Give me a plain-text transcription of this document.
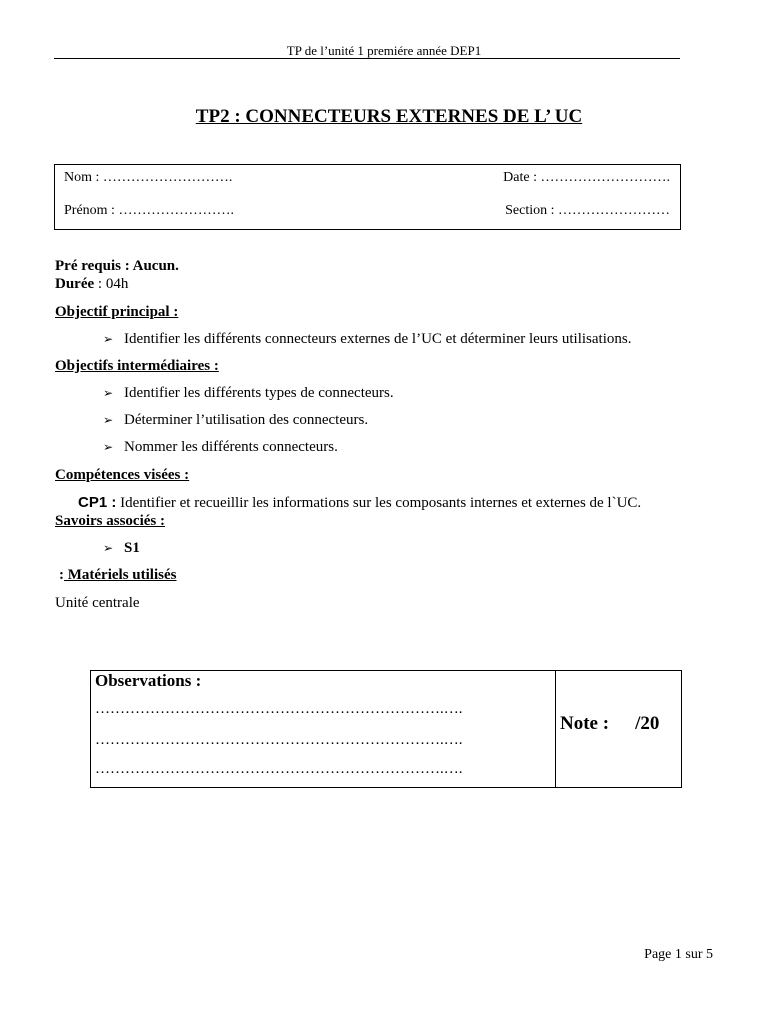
TP de l’unité 1 premiére année DEP1
TP2 : CONNECTEURS EXTERNES DE L’ UC
Nom : ……………………….	Date : ……………………….
Prénom : …………………….	Section : ……………………
Pré requis : Aucun.
Durée : 04h
Objectif principal :
➢ Identifier les différents connecteurs externes de l’UC et déterminer leurs utilisations.
Objectifs intermédiaires :
➢ Identifier les différents types de connecteurs.
➢ Déterminer l’utilisation des connecteurs.
➢ Nommer les différents connecteurs.
Compétences visées :
CP1 : Identifier et recueillir les informations sur les composants internes et externes de l`UC.
Savoirs associés :
➢ S1
: Matériels utilisés
Unité centrale
Observations :
…………………………………………………………….….
…………………………………………………………….….
…………………………………………………………….….
Note : /20
Page 1 sur 5
